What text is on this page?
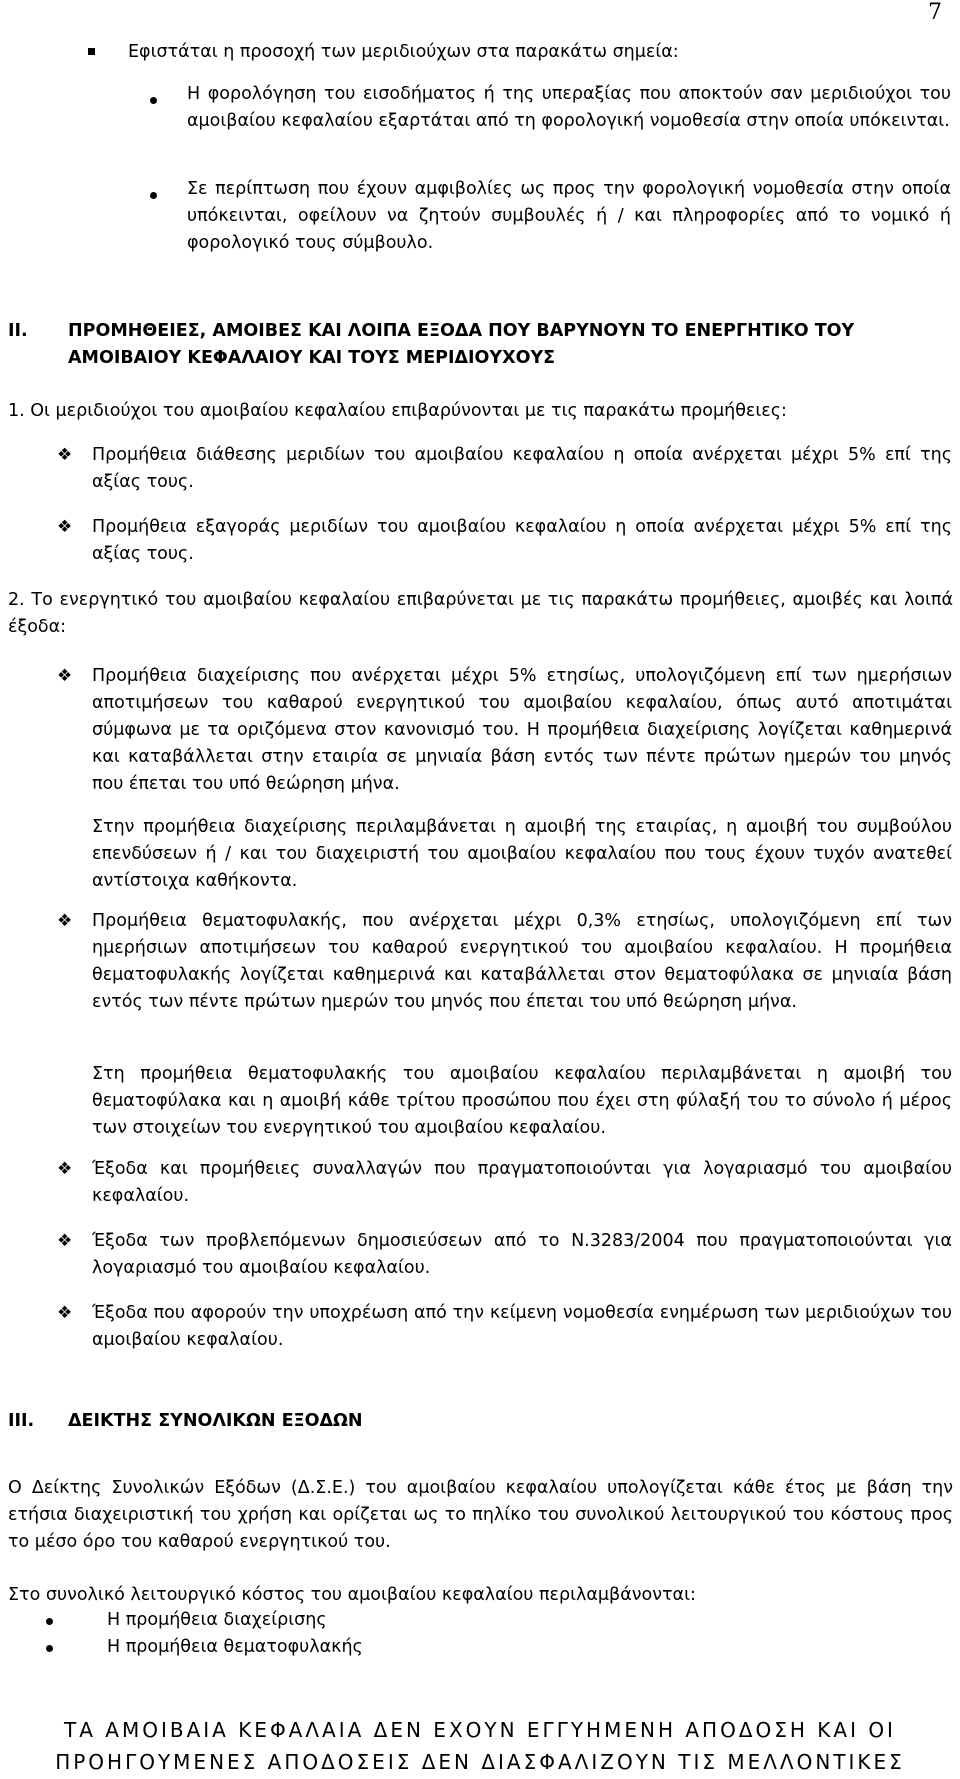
7
Εφιστάται η προσοχή των μεριδιούχων στα παρακάτω σημεία:
Η φορολόγηση του εισοδήματος ή της υπεραξίας που αποκτούν σαν μεριδιούχοι του αμοιβαίου κεφαλαίου εξαρτάται από τη φορολογική νομοθεσία στην οποία υπόκεινται.
Σε περίπτωση που έχουν αμφιβολίες ως προς την φορολογική νομοθεσία στην οποία υπόκεινται, οφείλουν να ζητούν συμβουλές ή / και πληροφορίες από το νομικό ή φορολογικό τους σύμβουλο.
II. ΠΡΟΜΗΘΕΙΕΣ, ΑΜΟΙΒΕΣ ΚΑΙ ΛΟΙΠΑ ΕΞΟΔΑ ΠΟΥ ΒΑΡΥΝΟΥΝ ΤΟ ΕΝΕΡΓΗΤΙΚΟ ΤΟΥ ΑΜΟΙΒΑΙΟΥ ΚΕΦΑΛΑΙΟΥ ΚΑΙ ΤΟΥΣ ΜΕΡΙΔΙΟΥΧΟΥΣ
1. Οι μεριδιούχοι του αμοιβαίου κεφαλαίου επιβαρύνονται με τις παρακάτω προμήθειες:
❖ Προμήθεια διάθεσης μεριδίων του αμοιβαίου κεφαλαίου η οποία ανέρχεται μέχρι 5% επί της αξίας τους.
❖ Προμήθεια εξαγοράς μεριδίων του αμοιβαίου κεφαλαίου η οποία ανέρχεται μέχρι 5% επί της αξίας τους.
2. Το ενεργητικό του αμοιβαίου κεφαλαίου επιβαρύνεται με τις παρακάτω προμήθειες, αμοιβές και λοιπά έξοδα:
❖ Προμήθεια διαχείρισης που ανέρχεται μέχρι 5% ετησίως, υπολογιζόμενη επί των ημερήσιων αποτιμήσεων του καθαρού ενεργητικού του αμοιβαίου κεφαλαίου, όπως αυτό αποτιμάται σύμφωνα με τα οριζόμενα στον κανονισμό του. Η προμήθεια διαχείρισης λογίζεται καθημερινά και καταβάλλεται στην εταιρία σε μηνιαία βάση εντός των πέντε πρώτων ημερών του μηνός που έπεται του υπό θεώρηση μήνα.
Στην προμήθεια διαχείρισης περιλαμβάνεται η αμοιβή της εταιρίας, η αμοιβή του συμβούλου επενδύσεων ή / και του διαχειριστή του αμοιβαίου κεφαλαίου που τους έχουν τυχόν ανατεθεί αντίστοιχα καθήκοντα.
❖ Προμήθεια θεματοφυλακής, που ανέρχεται μέχρι 0,3% ετησίως, υπολογιζόμενη επί των ημερήσιων αποτιμήσεων του καθαρού ενεργητικού του αμοιβαίου κεφαλαίου. Η προμήθεια θεματοφυλακής λογίζεται καθημερινά και καταβάλλεται στον θεματοφύλακα σε μηνιαία βάση εντός των πέντε πρώτων ημερών του μηνός που έπεται του υπό θεώρηση μήνα.
Στη προμήθεια θεματοφυλακής του αμοιβαίου κεφαλαίου περιλαμβάνεται η αμοιβή του θεματοφύλακα και η αμοιβή κάθε τρίτου προσώπου που έχει στη φύλαξή του το σύνολο ή μέρος των στοιχείων του ενεργητικού του αμοιβαίου κεφαλαίου.
❖ Έξοδα και προμήθειες συναλλαγών που πραγματοποιούνται για λογαριασμό του αμοιβαίου κεφαλαίου.
❖ Έξοδα των προβλεπόμενων δημοσιεύσεων από το Ν.3283/2004 που πραγματοποιούνται για λογαριασμό του αμοιβαίου κεφαλαίου.
❖ Έξοδα που αφορούν την υποχρέωση από την κείμενη νομοθεσία ενημέρωση των μεριδιούχων του αμοιβαίου κεφαλαίου.
III. ΔΕΙΚΤΗΣ ΣΥΝΟΛΙΚΩΝ ΕΞΟΔΩΝ
Ο Δείκτης Συνολικών Εξόδων (Δ.Σ.Ε.) του αμοιβαίου κεφαλαίου υπολογίζεται κάθε έτος με βάση την ετήσια διαχειριστική του χρήση και ορίζεται ως το πηλίκο του συνολικού λειτουργικού του κόστους προς το μέσο όρο του καθαρού ενεργητικού του.
Στο συνολικό λειτουργικό κόστος του αμοιβαίου κεφαλαίου περιλαμβάνονται:
Η προμήθεια διαχείρισης
Η προμήθεια θεματοφυλακής
ΤΑ ΑΜΟΙΒΑΙΑ ΚΕΦΑΛΑΙΑ ΔΕΝ ΕΧΟΥΝ ΕΓΓΥΗΜΕΝΗ ΑΠΟΔΟΣΗ ΚΑΙ ΟΙ
ΠΡΟΗΓΟΥΜΕΝΕΣ ΑΠΟΔΟΣΕΙΣ ΔΕΝ ΔΙΑΣΦΑΛΙΖΟΥΝ ΤΙΣ ΜΕΛΛΟΝΤΙΚΕΣ
